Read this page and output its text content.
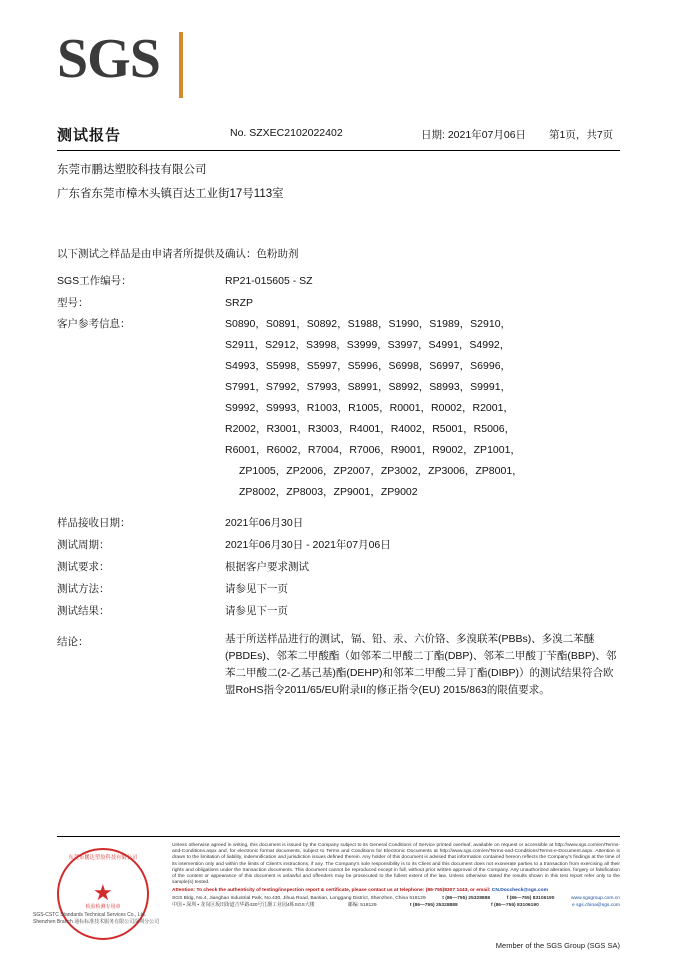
SGS
测试报告	No. SZXEC2102022402	日期: 2021年07月06日 第1页，共7页
东莞市鹏达塑胶科技有限公司
广东省东莞市樟木头镇百达工业街17号113室
以下测试之样品是由申请者所提供及确认：色粉助剂
SGS工作编号：	RP21-015605 - SZ
型号：	SRZP
客户参考信息：	S0890，S0891，S0892，S1988，S1990，S1989，S2910，
S2911，S2912，S3998，S3999，S3997，S4991，S4992，
S4993，S5998，S5997，S5996，S6998，S6997，S6996，
S7991，S7992，S7993，S8991，S8992，S8993，S9991，
S9992，S9993，R1003，R1005，R0001，R0002，R2001，
R2002，R3001，R3003，R4001，R4002，R5001，R5006，
R6001，R6002，R7004，R7006，R9001，R9002，ZP1001，
ZP1005，ZP2006，ZP2007，ZP3002，ZP3006，ZP8001，
ZP8002，ZP8003，ZP9001，ZP9002
样品接收日期：	2021年06月30日
测试周期：	2021年06月30日 - 2021年07月06日
测试要求：	根据客户要求测试
测试方法：	请参见下一页
测试结果：	请参见下一页
结论：	基于所送样品进行的测试，镉、铅、汞、六价铬、多溴联苯(PBBs)、多溴二苯醚(PBDEs)、邻苯二甲酸酯（如邻苯二甲酸二丁酯(DBP)、邻苯二甲酸丁苄酯(BBP)、邻苯二甲酸二(2-乙基己基)酯(DEHP)和邻苯二甲酸二异丁酯(DIBP)）的测试结果符合欧盟RoHS指令2011/65/EU附录II的修正指令(EU) 2015/863的限值要求。
东莞市鹏达塑胶科技有限公司
★
检验检测专用章
SGS-CSTC Standards Technical Services Co., Ltd.
Shenzhen Branch 通标标准技术服务有限公司深圳分公司
Unless otherwise agreed in writing, this document is issued by the Company subject to its General Conditions of Service printed overleaf, available on request or accessible at http://www.sgs.com/en/Terms-and-Conditions.aspx and, for electronic format documents, subject to Terms and Conditions for Electronic Documents at http://www.sgs.com/en/Terms-and-Conditions/Terms-e-Document.aspx. Attention is drawn to the limitation of liability, indemnification and jurisdiction issues defined therein. Any holder of this document is advised that information contained hereon reflects the Company's findings at the time of its intervention only and within the limits of Client's instructions, if any. The Company's sole responsibility is to its Client and this document does not exonerate parties to a transaction from exercising all their rights and obligations under the transaction documents. This document cannot be reproduced except in full, without prior written approval of the Company. Any unauthorized alteration, forgery or falsification of the content or appearance of this document is unlawful and offenders may be prosecuted to the fullest extent of the law. Unless otherwise stated the results shown in this test report refer only to the sample(s) tested.
Attention: To check the authenticity of testing/inspection report & certificate, please contact us at telephone: (86-755)8307 1443, or email: CN.Doccheck@sgs.com
SGS Bldg, No.4, Jianghao Industrial Park, No.430, Jihua Road, Bantian, Longgang District, Shenzhen, China 518129	t (86—755) 25328888	f (86—755) 83106190	www.sgsgroup.com.cn
中国 • 深圳 • 龙岗区坂田街道吉华路430号江灏工业园4栋SGS大楼	邮编: 518129	t (86—755) 25328888	f (86—755) 83106190	e sgs.china@sgs.com
Member of the SGS Group (SGS SA)
